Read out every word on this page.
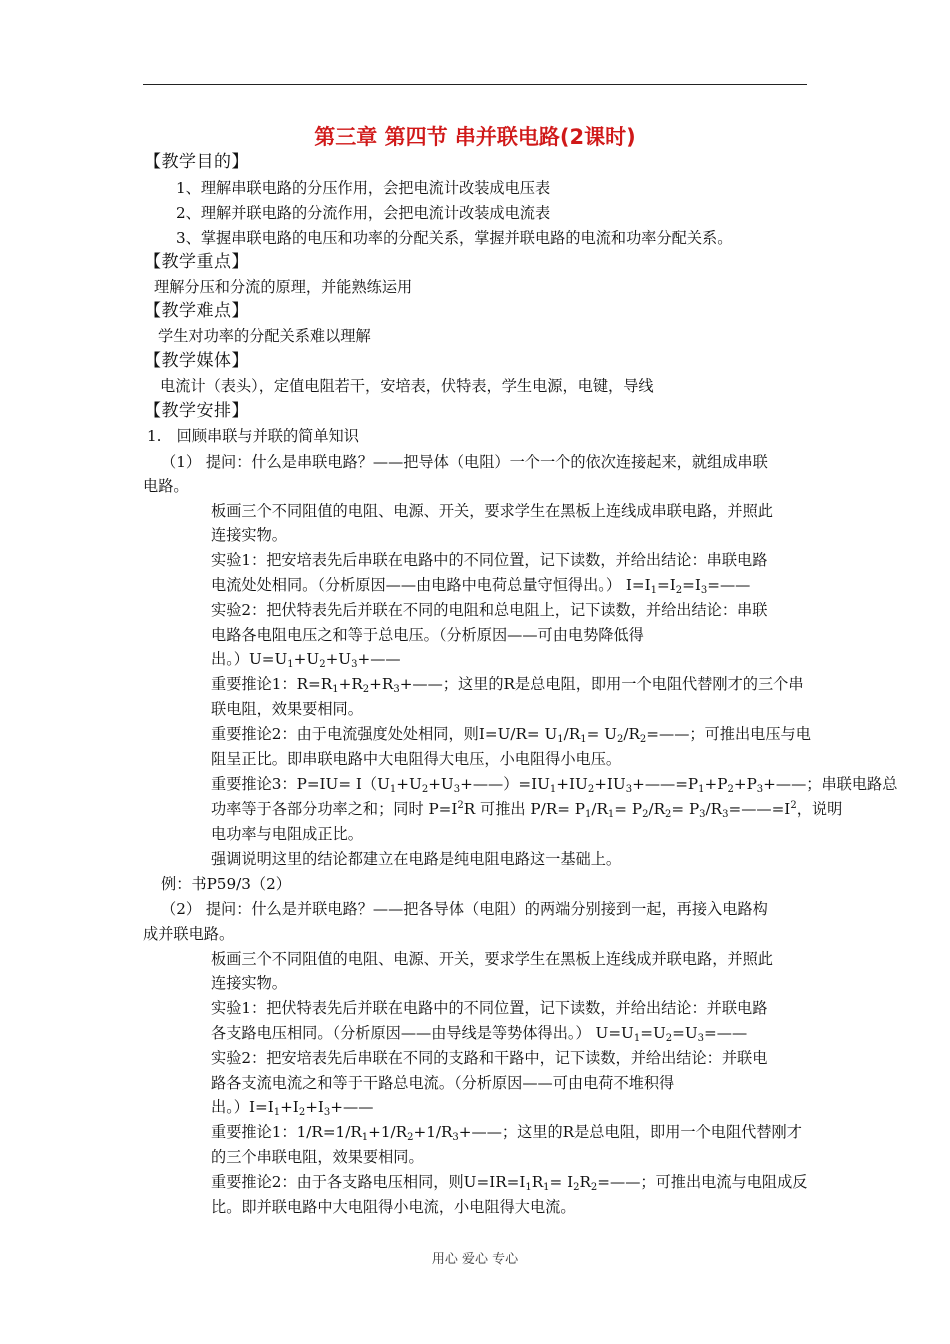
第三章 第四节 串并联电路(2课时)
【教学目的】
1、理解串联电路的分压作用，会把电流计改装成电压表
2、理解并联电路的分流作用，会把电流计改装成电流表
3、掌握串联电路的电压和功率的分配关系，掌握并联电路的电流和功率分配关系。
【教学重点】
理解分压和分流的原理，并能熟练运用
【教学难点】
学生对功率的分配关系难以理解
【教学媒体】
电流计（表头），定值电阻若干，安培表，伏特表，学生电源，电键，导线
【教学安排】
1.　回顾串联与并联的简单知识
（1） 提问：什么是串联电路？——把导体（电阻）一个一个的依次连接起来，就组成串联
电路。
板画三个不同阻值的电阻、电源、开关，要求学生在黑板上连线成串联电路，并照此
连接实物。
实验1：把安培表先后串联在电路中的不同位置，记下读数，并给出结论：串联电路
电流处处相同。（分析原因——由电路中电荷总量守恒得出。） $I=I_1=I_2=I_3=——$
实验2：把伏特表先后并联在不同的电阻和总电阻上，记下读数，并给出结论：串联
电路各电阻电压之和等于总电压。（分析原因——可由电势降低得
出。）$U=U_1+U_2+U_3+——$
重要推论1：$R=R_1+R_2+R_3+——$；这里的R是总电阻，即用一个电阻代替刚才的三个串
联电阻，效果要相同。
重要推论2：由于电流强度处处相同，则$I=U/R= U_1/R_1=$ $U_2/R_2=——$；可推出电压与电
阻呈正比。即串联电路中大电阻得大电压，小电阻得小电压。
重要推论3：$P=IU= I(U_1+U_2+U_3+——)=IU_1+IU_2+IU_3+——=P_1+P_2+P_3+——$；串联电路总
功率等于各部分功率之和；同时 $P=I^2R$ 可推出 $P/R= P_1/R_1= P_2/R_2=$ $P_3/R_3=——=I^2$，说明
电功率与电阻成正比。
强调说明这里的结论都建立在电路是纯电阻电路这一基础上。
例：书P59/3（2）
（2） 提问：什么是并联电路？——把各导体（电阻）的两端分别接到一起，再接入电路构
成并联电路。
板画三个不同阻值的电阻、电源、开关，要求学生在黑板上连线成并联电路，并照此
连接实物。
实验1：把伏特表先后并联在电路中的不同位置，记下读数，并给出结论：并联电路
各支路电压相同。（分析原因——由导线是等势体得出。） $U=U_1=U_2=U_3=——$
实验2：把安培表先后串联在不同的支路和干路中，记下读数，并给出结论：并联电
路各支流电流之和等于干路总电流。（分析原因——可由电荷不堆积得
出。）$I=I_1+I_2+I_3+——$
重要推论1：$1/R=1/R_1+1/R_2+1/R_3+——$；这里的R是总电阻，即用一个电阻代替刚才
的三个串联电阻，效果要相同。
重要推论2：由于各支路电压相同，则$U=IR=I_1R_1=$ $I_2R_2=——$；可推出电流与电阻成反
比。即并联电路中大电阻得小电流，小电阻得大电流。
用心 爱心 专心
